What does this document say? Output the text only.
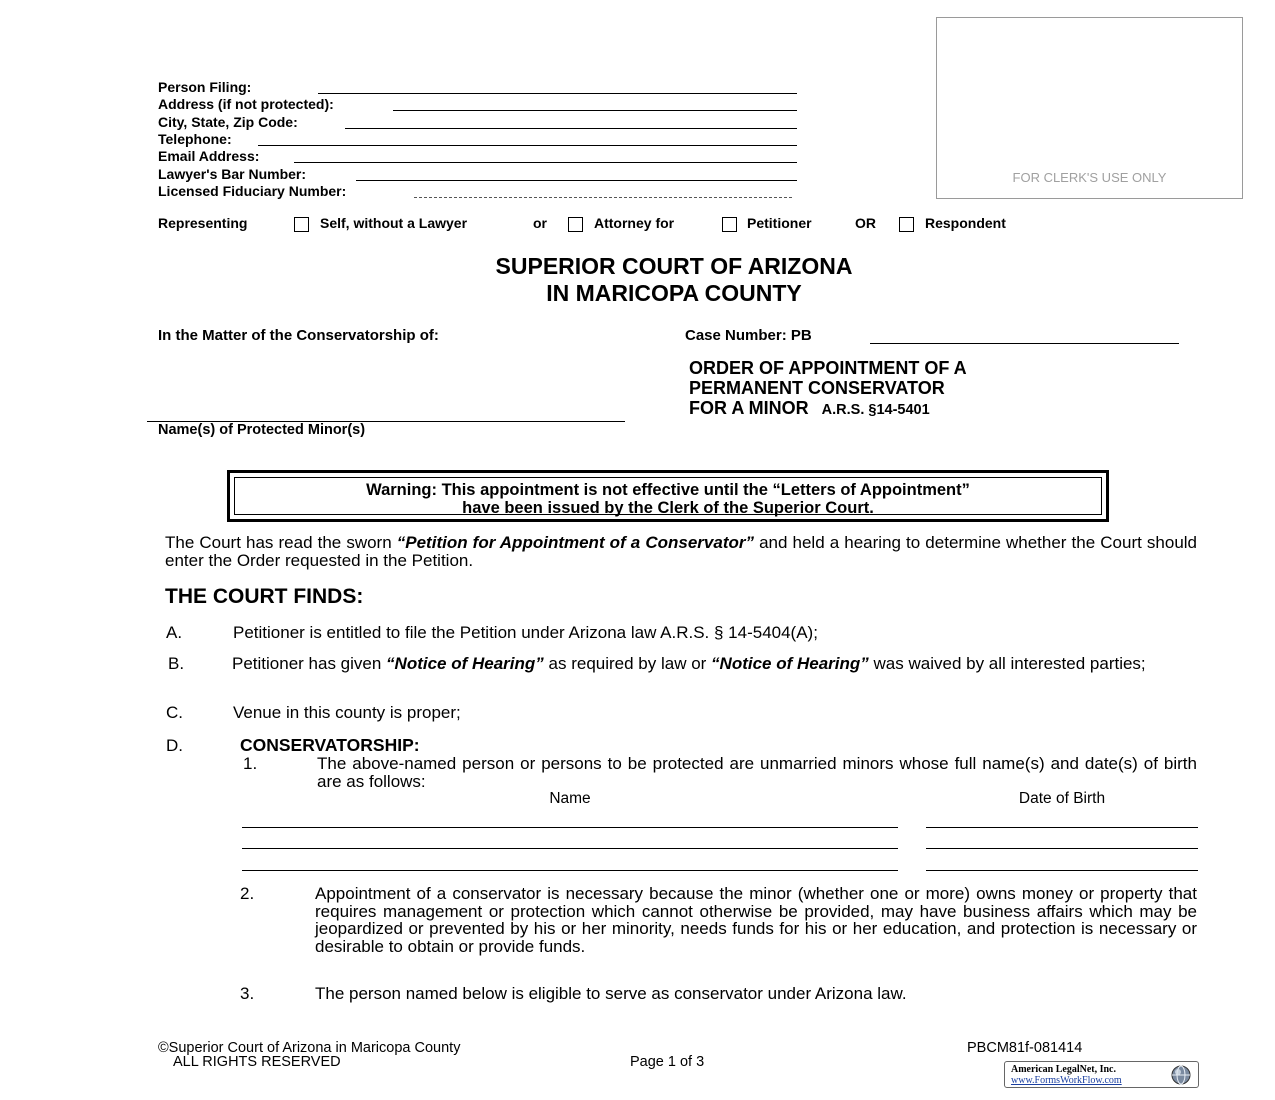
FOR CLERK'S USE ONLY
Person Filing:
Address (if not protected):
City, State, Zip Code:
Telephone:
Email Address:
Lawyer's Bar Number:
Licensed Fiduciary Number:
Representing	Self, without a Lawyer	or	Attorney for	Petitioner	OR	Respondent
SUPERIOR COURT OF ARIZONA
IN MARICOPA COUNTY
In the Matter of the Conservatorship of:	Case Number: PB
Name(s) of Protected Minor(s)
ORDER OF APPOINTMENT OF A
PERMANENT CONSERVATOR
FOR A MINOR A.R.S. §14-5401
Warning: This appointment is not effective until the “Letters of Appointment”
have been issued by the Clerk of the Superior Court.
The Court has read the sworn “Petition for Appointment of a Conservator” and held a hearing to determine whether the Court should enter the Order requested in the Petition.
THE COURT FINDS:
A.	Petitioner is entitled to file the Petition under Arizona law A.R.S. § 14-5404(A);
B.	Petitioner has given “Notice of Hearing” as required by law or “Notice of Hearing” was waived by all interested parties;
C.	Venue in this county is proper;
D.	CONSERVATORSHIP:
1.	The above-named person or persons to be protected are unmarried minors whose full name(s) and date(s) of birth are as follows:
Name	Date of Birth
2.	Appointment of a conservator is necessary because the minor (whether one or more) owns money or property that requires management or protection which cannot otherwise be provided, may have business affairs which may be jeopardized or prevented by his or her minority, needs funds for his or her education, and protection is necessary or desirable to obtain or provide funds.
3.	The person named below is eligible to serve as conservator under Arizona law.
©Superior Court of Arizona in Maricopa County
ALL RIGHTS RESERVED	Page 1 of 3
PBCM81f-081414
American LegalNet, Inc.
www.FormsWorkFlow.com
